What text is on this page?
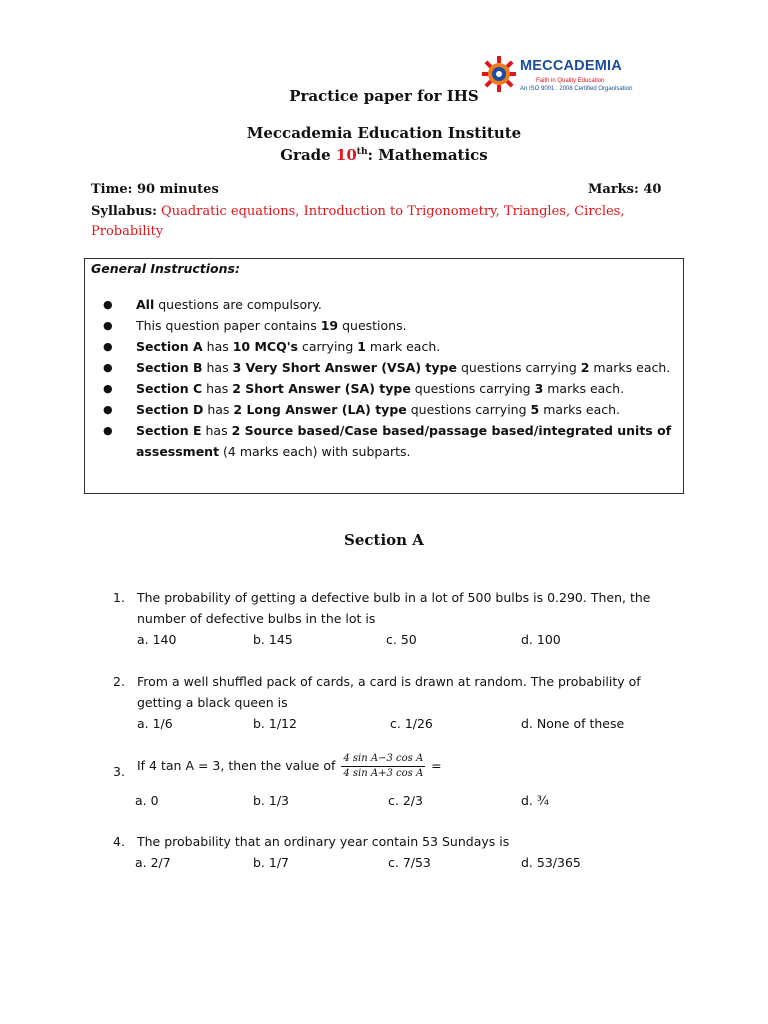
MECCADEMIA
Faith in Quality Education
An ISO 9001 : 2008 Certified Organisation
Practice paper for IHS
Meccademia Education Institute
Grade 10th: Mathematics
Time: 90 minutes	Marks: 40
Syllabus: Quadratic equations, Introduction to Trigonometry, Triangles, Circles,
Probability
General Instructions:
● All questions are compulsory.
● This question paper contains 19 questions.
● Section A has 10 MCQ's carrying 1 mark each.
● Section B has 3 Very Short Answer (VSA) type questions carrying 2 marks each.
● Section C has 2 Short Answer (SA) type questions carrying 3 marks each.
● Section D has 2 Long Answer (LA) type questions carrying 5 marks each.
● Section E has 2 Source based/Case based/passage based/integrated units of assessment (4 marks each) with subparts.
Section A
1. The probability of getting a defective bulb in a lot of 500 bulbs is 0.290. Then, the number of defective bulbs in the lot is
a. 140	b. 145	c. 50	d. 100
2. From a well shuffled pack of cards, a card is drawn at random. The probability of getting a black queen is
a. 1/6	b. 1/12	c. 1/26	d. None of these
3. If 4 tan A = 3, then the value of $\frac{\text{4 sin A−3 cos A}}{\text{4 sin A+3 cos A}}$ =
a. 0	b. 1/3	c. 2/3	d. ¾
4. The probability that an ordinary year contain 53 Sundays is
a. 2/7	b. 1/7	c. 7/53	d. 53/365
